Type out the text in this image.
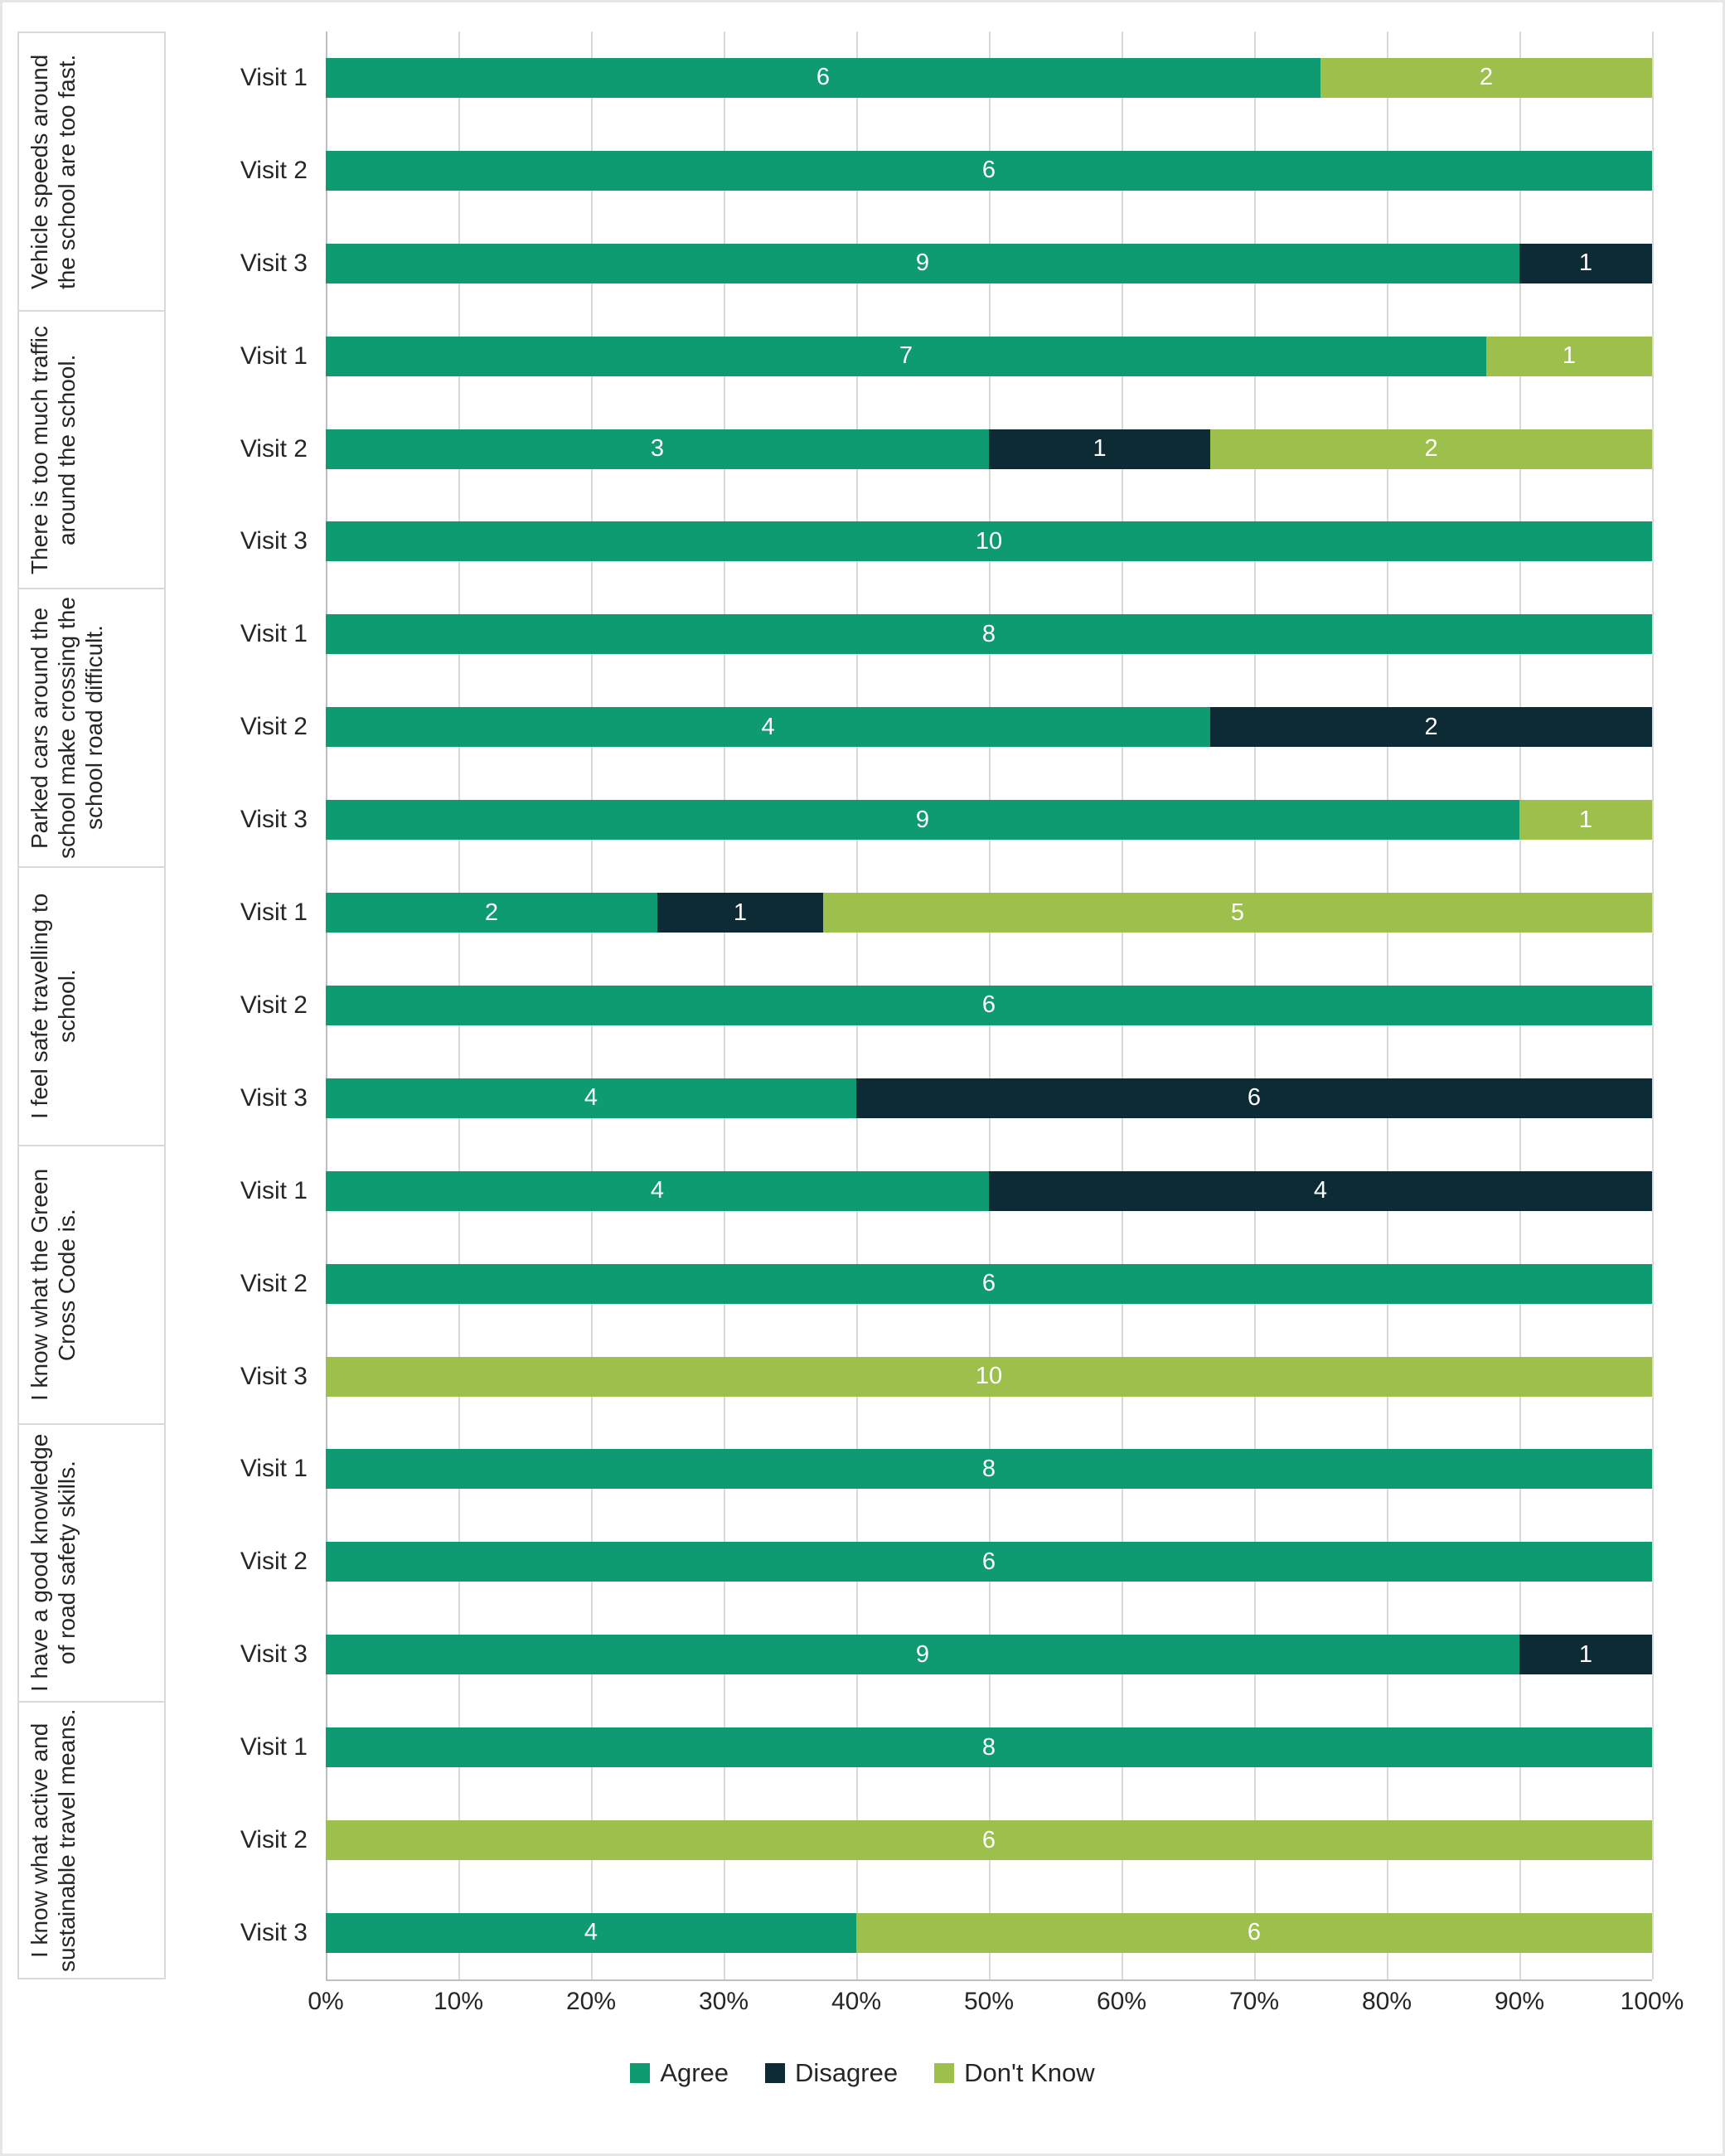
Vehicle speeds around the school are too fast.	Visit 1	6	2
Visit 2	6
Visit 3	9	1
There is too much traffic around the school.	Visit 1	7	1
Visit 2	3	1	2
Visit 3	10
Parked cars around the school make crossing the school road difficult.	Visit 1	8
Visit 2	4	2
Visit 3	9	1
I feel safe travelling to school.
Visit 1	2	1	5
Visit 2	6
Visit 3	4	6
I know what the Green Cross Code is.
Visit 1	4	4
Visit 2	6
Visit 3	10
I have a good knowledge of road safety skills.	Visit 1	8
Visit 2	6
Visit 3	9	1
I know what active and sustainable travel means.	Visit 1	8
Visit 2	6
Visit 3	4	6
0%	10%	20%	30%	40%	50%	60%	70%	80%	90%	100%
Agree	Disagree	Don't Know
